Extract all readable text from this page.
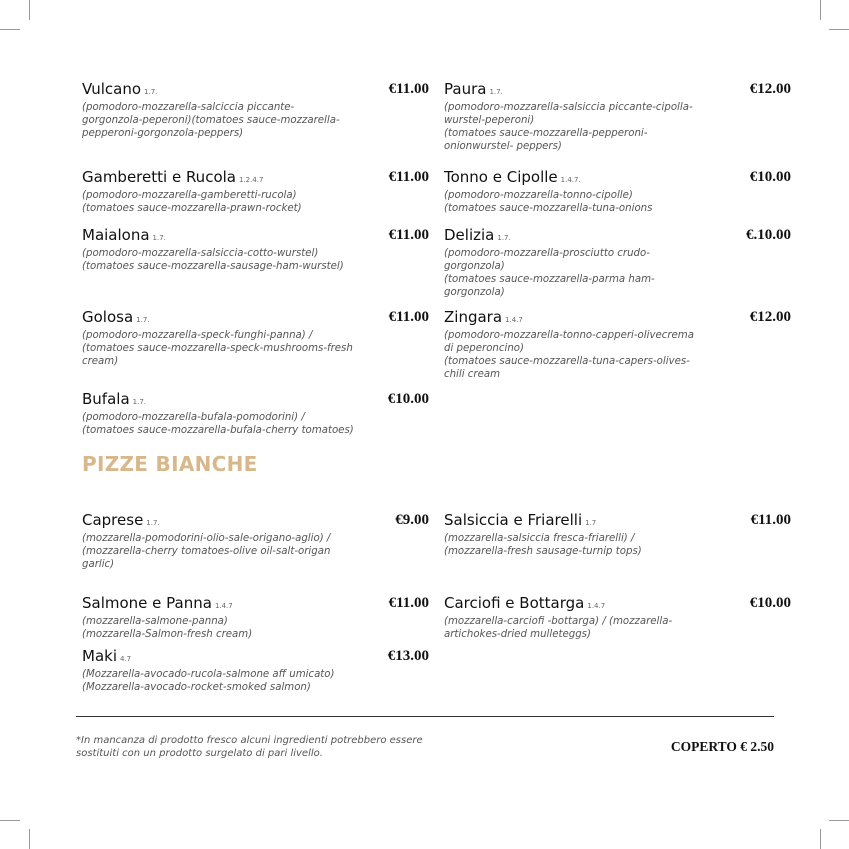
Vulcano 1.7.	€11.00
(pomodoro-mozzarella-salciccia piccante-
gorgonzola-peperoni)(tomatoes sauce-mozzarella-
pepperoni-gorgonzola-peppers)
Gamberetti e Rucola 1.2.4.7	€11.00
(pomodoro-mozzarella-gamberetti-rucola)
(tomatoes sauce-mozzarella-prawn-rocket)
Maialona 1.7.	€11.00
(pomodoro-mozzarella-salsiccia-cotto-wurstel)
(tomatoes sauce-mozzarella-sausage-ham-wurstel)
Golosa 1.7.	€11.00
(pomodoro-mozzarella-speck-funghi-panna) /
(tomatoes sauce-mozzarella-speck-mushrooms-fresh
cream)
Bufala 1.7.	€10.00
(pomodoro-mozzarella-bufala-pomodorini) /
(tomatoes sauce-mozzarella-bufala-cherry tomatoes)
Caprese 1.7.	€9.00
(mozzarella-pomodorini-olio-sale-origano-aglio) /
(mozzarella-cherry tomatoes-olive oil-salt-origan
garlic)
Salmone e Panna 1.4.7	€11.00
(mozzarella-salmone-panna)
(mozzarella-Salmon-fresh cream)
Maki 4.7	€13.00
(Mozzarella-avocado-rucola-salmone aff umicato)
(Mozzarella-avocado-rocket-smoked salmon)
Paura 1.7.	€12.00
(pomodoro-mozzarella-salsiccia piccante-cipolla-
wurstel-peperoni)
(tomatoes sauce-mozzarella-pepperoni-
onionwurstel- peppers)
Tonno e Cipolle 1.4.7.	€10.00
(pomodoro-mozzarella-tonno-cipolle)
(tomatoes sauce-mozzarella-tuna-onions
Delizia 1.7.	€.10.00
(pomodoro-mozzarella-prosciutto crudo-
gorgonzola)
(tomatoes sauce-mozzarella-parma ham-
gorgonzola)
Zingara 1.4.7	€12.00
(pomodoro-mozzarella-tonno-capperi-olivecrema
di peperoncino)
(tomatoes sauce-mozzarella-tuna-capers-olives-
chili cream
Salsiccia e Friarelli 1.7	€11.00
(mozzarella-salsiccia fresca-friarelli) /
(mozzarella-fresh sausage-turnip tops)
Carciofi e Bottarga 1.4.7	€10.00
(mozzarella-carciofi -bottarga) / (mozzarella-
artichokes-dried mulleteggs)
PIZZE BIANCHE
*In mancanza di prodotto fresco alcuni ingredienti potrebbero essere
sostituiti con un prodotto surgelato di pari livello.	COPERTO € 2.50
